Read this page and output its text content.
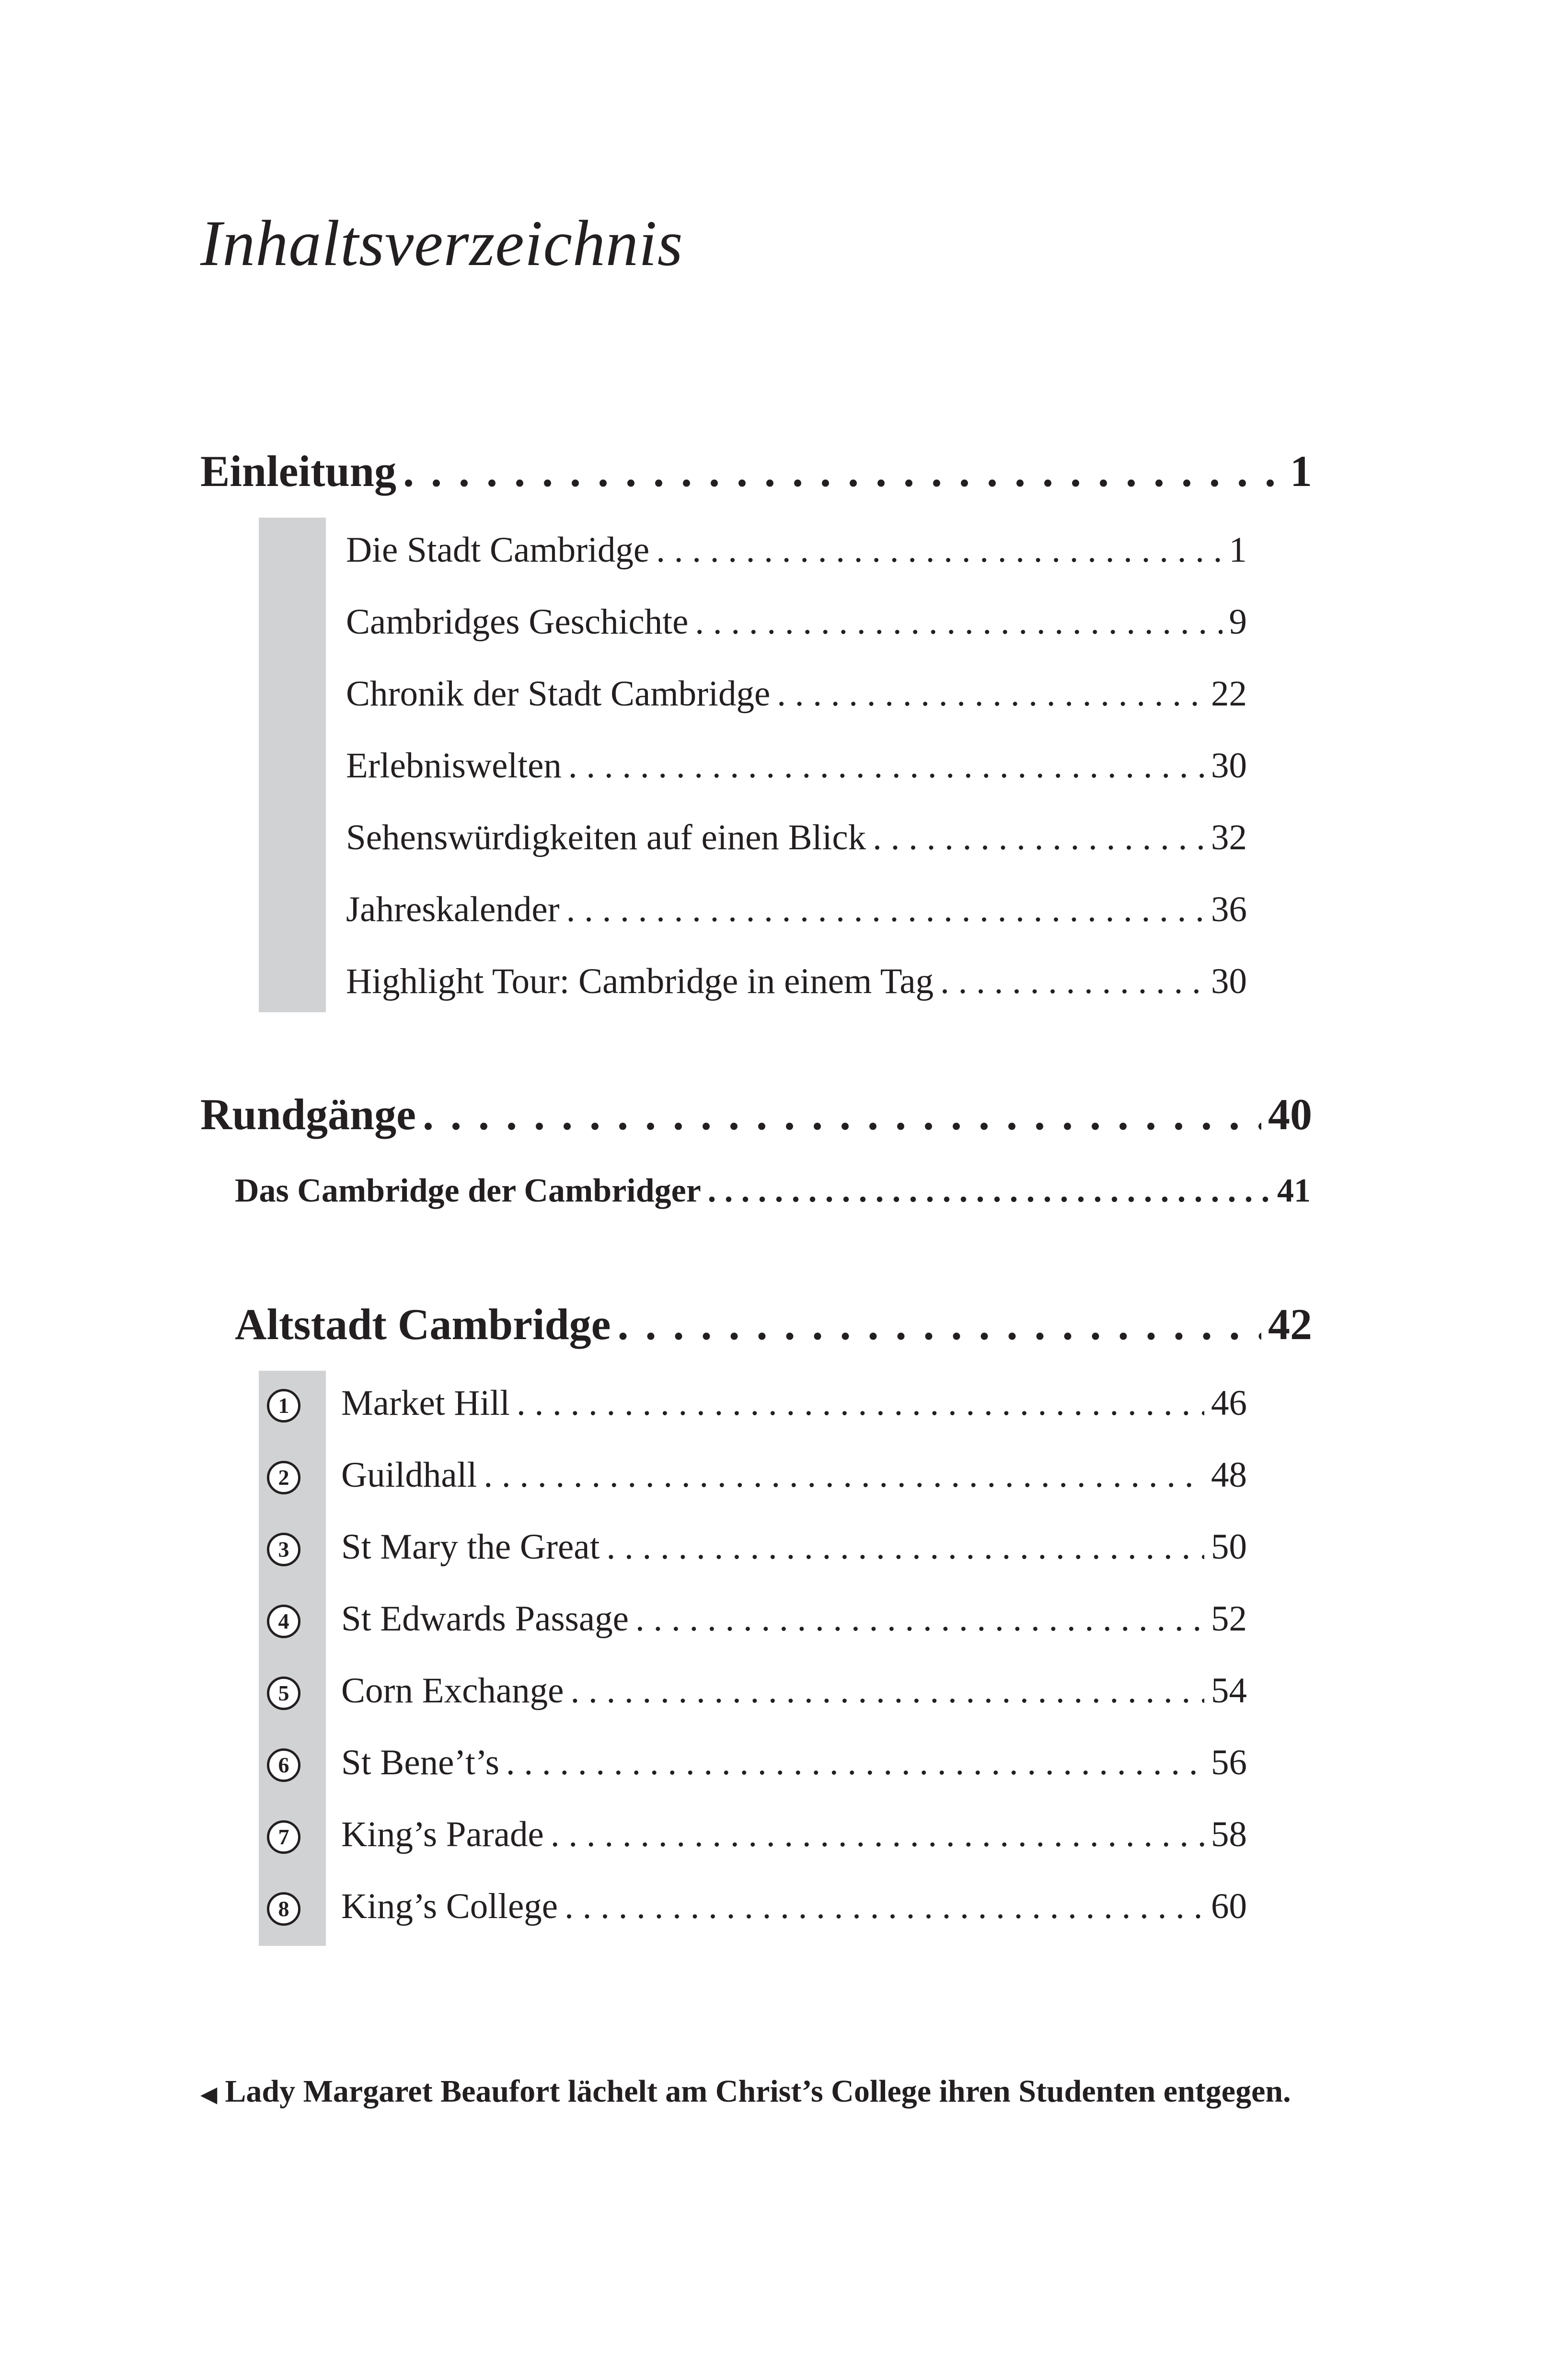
Inhaltsverzeichnis
Einleitung . . .	1
Die Stadt Cambridge . . .	1
Cambridges Geschichte . . .	9
Chronik der Stadt Cambridge . . .	22
Erlebniswelten . . .	30
Sehenswürdigkeiten auf einen Blick . . .	32
Jahreskalender . . .	36
Highlight Tour: Cambridge in einem Tag . . .	30
Rundgänge . . .	40
Das Cambridge der Cambridger . . .	41
Altstadt Cambridge . . .	42
1	Market Hill . . .	46
2	Guildhall . . .	48
3	St Mary the Great . . .	50
4	St Edwards Passage . . .	52
5	Corn Exchange . . .	54
6	St Bene’t’s . . .	56
7	King’s Parade . . .	58
8	King’s College . . .	60
◀ Lady Margaret Beaufort lächelt am Christ’s College ihren Studenten entgegen.
